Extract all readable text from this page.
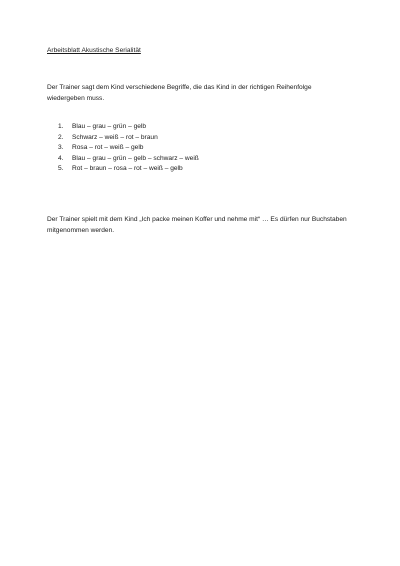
Arbeitsblatt Akustische Serialität
Der Trainer sagt dem Kind verschiedene Begriffe, die das Kind in der richtigen Reihenfolge wiedergeben muss.
1.	Blau – grau – grün – gelb
2.	Schwarz – weiß – rot – braun
3.	Rosa – rot – weiß – gelb
4.	Blau – grau – grün – gelb – schwarz – weiß
5.	Rot – braun – rosa – rot – weiß – gelb
Der Trainer spielt mit dem Kind „Ich packe meinen Koffer und nehme mit“ … Es dürfen nur Buchstaben mitgenommen werden.
